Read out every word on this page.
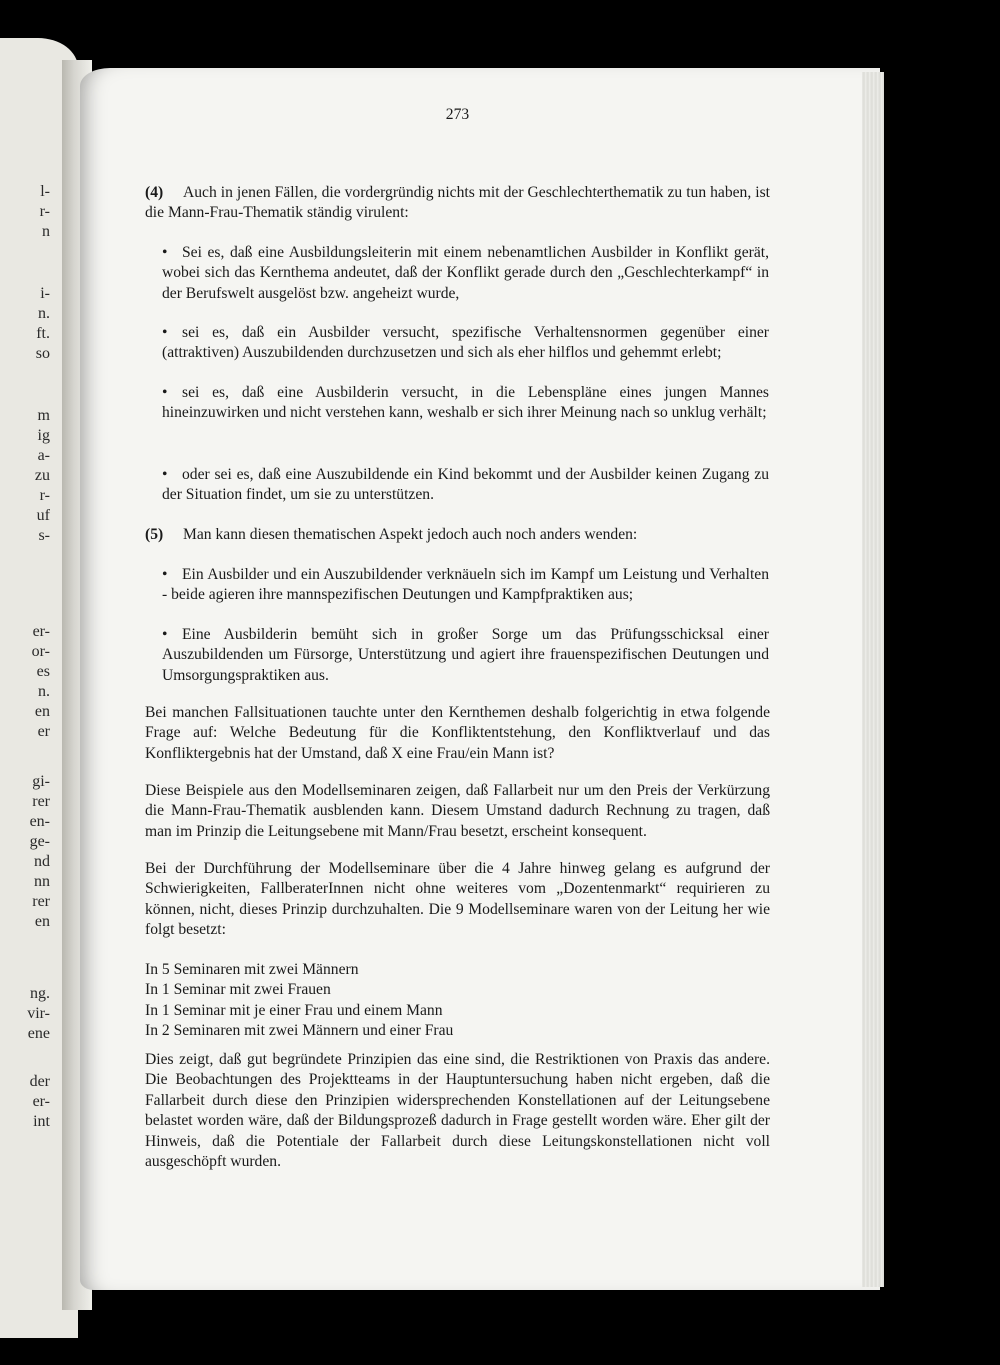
l-
r-
n
i-
n.
ft.
so
m
ig
a-
zu
r-
uf
s-
er-
or-
es
n.
en
er
gi-
rer
en-
ge-
nd
nn
rer
en
ng.
vir-
ene
der
er-
int
273
(4) Auch in jenen Fällen, die vordergründig nichts mit der Geschlechterthematik zu tun haben, ist die Mann-Frau-Thematik ständig virulent:
• Sei es, daß eine Ausbildungsleiterin mit einem nebenamtlichen Ausbilder in Konflikt gerät, wobei sich das Kernthema andeutet, daß der Konflikt gerade durch den „Geschlechterkampf“ in der Berufswelt ausgelöst bzw. angeheizt wurde,
• sei es, daß ein Ausbilder versucht, spezifische Verhaltensnormen gegenüber einer (attraktiven) Auszubildenden durchzusetzen und sich als eher hilflos und gehemmt erlebt;
• sei es, daß eine Ausbilderin versucht, in die Lebenspläne eines jungen Mannes hineinzuwirken und nicht verstehen kann, weshalb er sich ihrer Meinung nach so unklug verhält;
• oder sei es, daß eine Auszubildende ein Kind bekommt und der Ausbilder keinen Zugang zu der Situation findet, um sie zu unterstützen.
(5) Man kann diesen thematischen Aspekt jedoch auch noch anders wenden:
• Ein Ausbilder und ein Auszubildender verknäueln sich im Kampf um Leistung und Verhalten - beide agieren ihre mannspezifischen Deutungen und Kampfpraktiken aus;
• Eine Ausbilderin bemüht sich in großer Sorge um das Prüfungsschicksal einer Auszubildenden um Fürsorge, Unterstützung und agiert ihre frauenspezifischen Deutungen und Umsorgungspraktiken aus.
Bei manchen Fallsituationen tauchte unter den Kernthemen deshalb folgerichtig in etwa folgende Frage auf: Welche Bedeutung für die Konfliktentstehung, den Konfliktverlauf und das Konfliktergebnis hat der Umstand, daß X eine Frau/ein Mann ist?
Diese Beispiele aus den Modellseminaren zeigen, daß Fallarbeit nur um den Preis der Verkürzung die Mann-Frau-Thematik ausblenden kann. Diesem Umstand dadurch Rechnung zu tragen, daß man im Prinzip die Leitungsebene mit Mann/Frau besetzt, erscheint konsequent.
Bei der Durchführung der Modellseminare über die 4 Jahre hinweg gelang es aufgrund der Schwierigkeiten, FallberaterInnen nicht ohne weiteres vom „Dozentenmarkt“ requirieren zu können, nicht, dieses Prinzip durchzuhalten. Die 9 Modellseminare waren von der Leitung her wie folgt besetzt:
In 5 Seminaren mit zwei Männern
In 1 Seminar mit zwei Frauen
In 1 Seminar mit je einer Frau und einem Mann
In 2 Seminaren mit zwei Männern und einer Frau
Dies zeigt, daß gut begründete Prinzipien das eine sind, die Restriktionen von Praxis das andere. Die Beobachtungen des Projektteams in der Hauptuntersuchung haben nicht ergeben, daß die Fallarbeit durch diese den Prinzipien widersprechenden Konstellationen auf der Leitungsebene belastet worden wäre, daß der Bildungsprozeß dadurch in Frage gestellt worden wäre. Eher gilt der Hinweis, daß die Potentiale der Fallarbeit durch diese Leitungskonstellationen nicht voll ausgeschöpft wurden.
